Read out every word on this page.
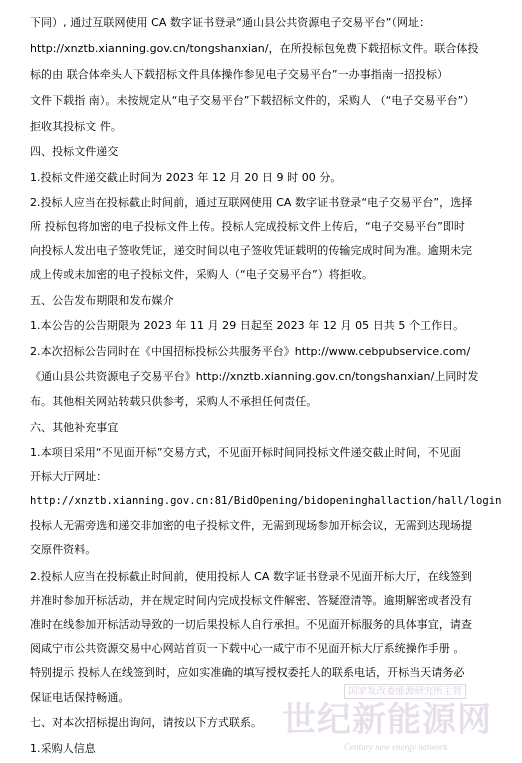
下同）, 通过互联网使用 CA 数字证书登录“通山县公共资源电子交易平台”（网址：
http://xnztb.xianning.gov.cn/tongshanxian/，在所投标包免费下载招标文件。联合体投
标的由 联合体牵头人下载招标文件具体操作参见电子交易平台”一办事指南一招投标）
文件下载指 南）。未按规定从“电子交易平台”下载招标文件的，采购人 （“电子交易平台”）
拒收其投标文 件。
四、投标文件递交
1.投标文件递交截止时间为 2023 年 12 月 20 日 9 时 00 分。
2.投标人应当在投标截止时间前，通过互联网使用 CA 数字证书登录“电子交易平台”，选择
所 投标包将加密的电子投标文件上传。投标人完成投标文件上传后，“电子交易平台”即时
向投标人发出电子签收凭证，递交时间以电子签收凭证载明的传输完成时间为准。逾期未完
成上传或未加密的电子投标文件，采购人（“电子交易平台”）将拒收。
五、公告发布期限和发布媒介
1.本公告的公告期限为 2023 年 11 月 29 日起至 2023 年 12 月 05 日共 5 个工作日。
2.本次招标公告同时在《中国招标投标公共服务平台》http://www.cebpubservice.com/
《通山县公共资源电子交易平台》http://xnztb.xianning.gov.cn/tongshanxian/上同时发
布。其他相关网站转载只供参考，采购人不承担任何责任。
六、其他补充事宜
1.本项目采用“不见面开标”交易方式，不见面开标时间同投标文件递交截止时间，不见面
开标大厅网址：
http://xnztb.xianning.gov.cn:81/BidOpening/bidopeninghallaction/hall/login
投标人无需旁选和递交非加密的电子投标文件，无需到现场参加开标会议，无需到达现场提
交原件资料。
2.投标人应当在投标截止时间前，使用投标人 CA 数字证书登录不见面开标大厅，在线签到
并准时参加开标活动，并在规定时间内完成投标文件解密、答疑澄清等。逾期解密或者没有
准时在线参加开标活动导致的一切后果投标人自行承担。不见面开标服务的具体事宜，请查
阅咸宁市公共资源交易中心网站首页一下载中心一咸宁市不见面开标大厅系统操作手册 。
特别提示 投标人在线签到时，应如实准确的填写授权委托人的联系电话，开标当天请务必
保证电话保持畅通。
七、对本次招标提出询问，请按以下方式联系。
1.采购人信息
国家发改委能源研究所主管
世纪新能源网
Century new energy network
